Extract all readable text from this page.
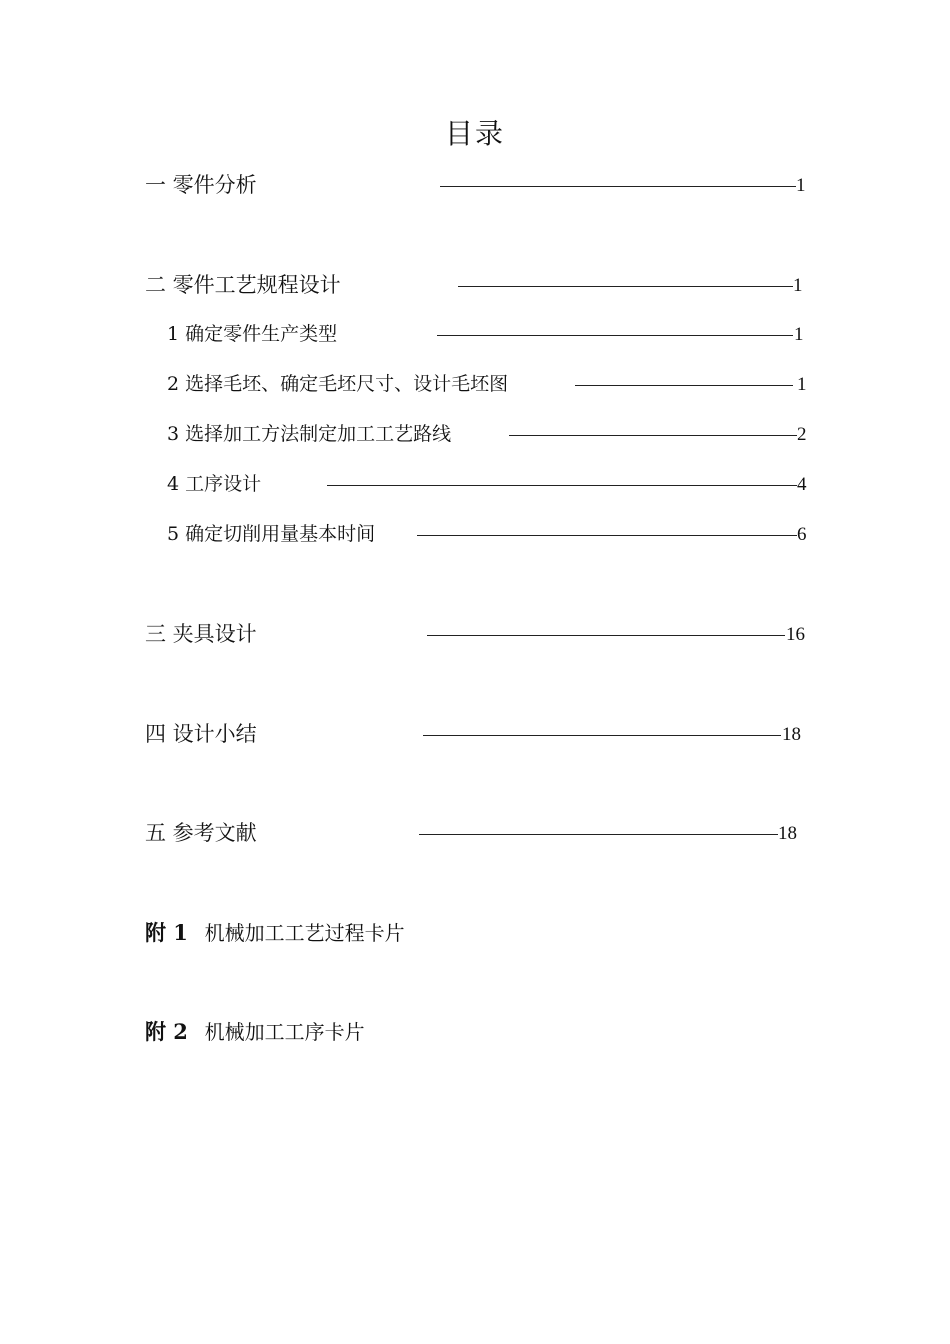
目录
一 零件分析	1
二 零件工艺规程设计	1
1 确定零件生产类型	1
2 选择毛坯、确定毛坯尺寸、设计毛坯图	1
3 选择加工方法制定加工工艺路线	2
4 工序设计	4
5 确定切削用量基本时间	6
三 夹具设计	16
四 设计小结	18
五 参考文献	18
附 1 机械加工工艺过程卡片
附 2 机械加工工序卡片
